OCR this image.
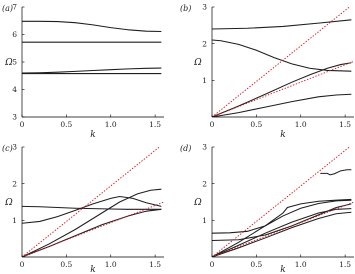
0	0.5	1.0	1.5
3
4
5
6
7
k
Ω
(a)
0	0.5	1.0	1.5
1
2
3
k
Ω
(b)
0	0.5	1.0	1.5
1
2
3
k
Ω
(c)
0	0.5	1.0	1.5
1
2
3
k
Ω
(d)
